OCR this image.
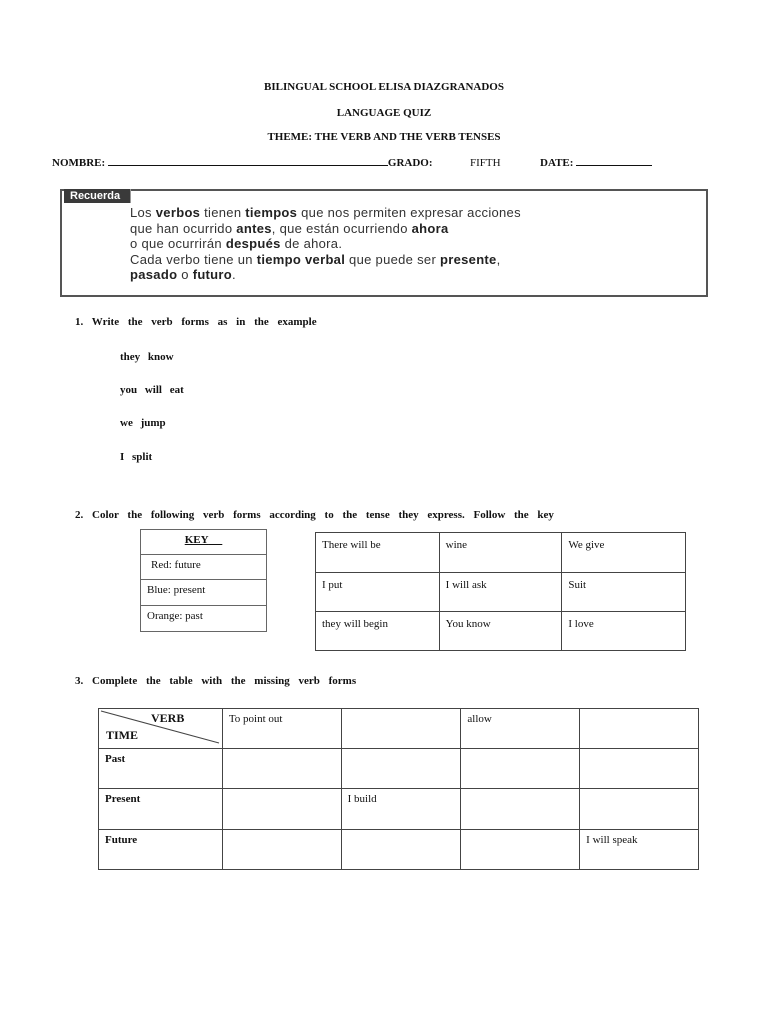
BILINGUAL SCHOOL ELISA DIAZGRANADOS
LANGUAGE QUIZ
THEME: THE VERB AND THE VERB TENSES
NOMBRE:	GRADO:	FIFTH	DATE:
Recuerda
Los verbos tienen tiempos que nos permiten expresar acciones
que han ocurrido antes, que están ocurriendo ahora
o que ocurrirán después de ahora.
Cada verbo tiene un tiempo verbal que puede ser presente,
pasado o futuro.
1. Write the verb forms as in the example
they know
you will eat
we jump
I split
2. Color the following verb forms according to the tense they express. Follow the key
KEY
Red: future
Blue: present
Orange: past
There will be	wine	We give
I put	I will ask	Suit
they will begin	You know	I love
3. Complete the table with the missing verb forms
VERB
TIME	To point out		allow	
Past				
Present		I build		
Future				I will speak
